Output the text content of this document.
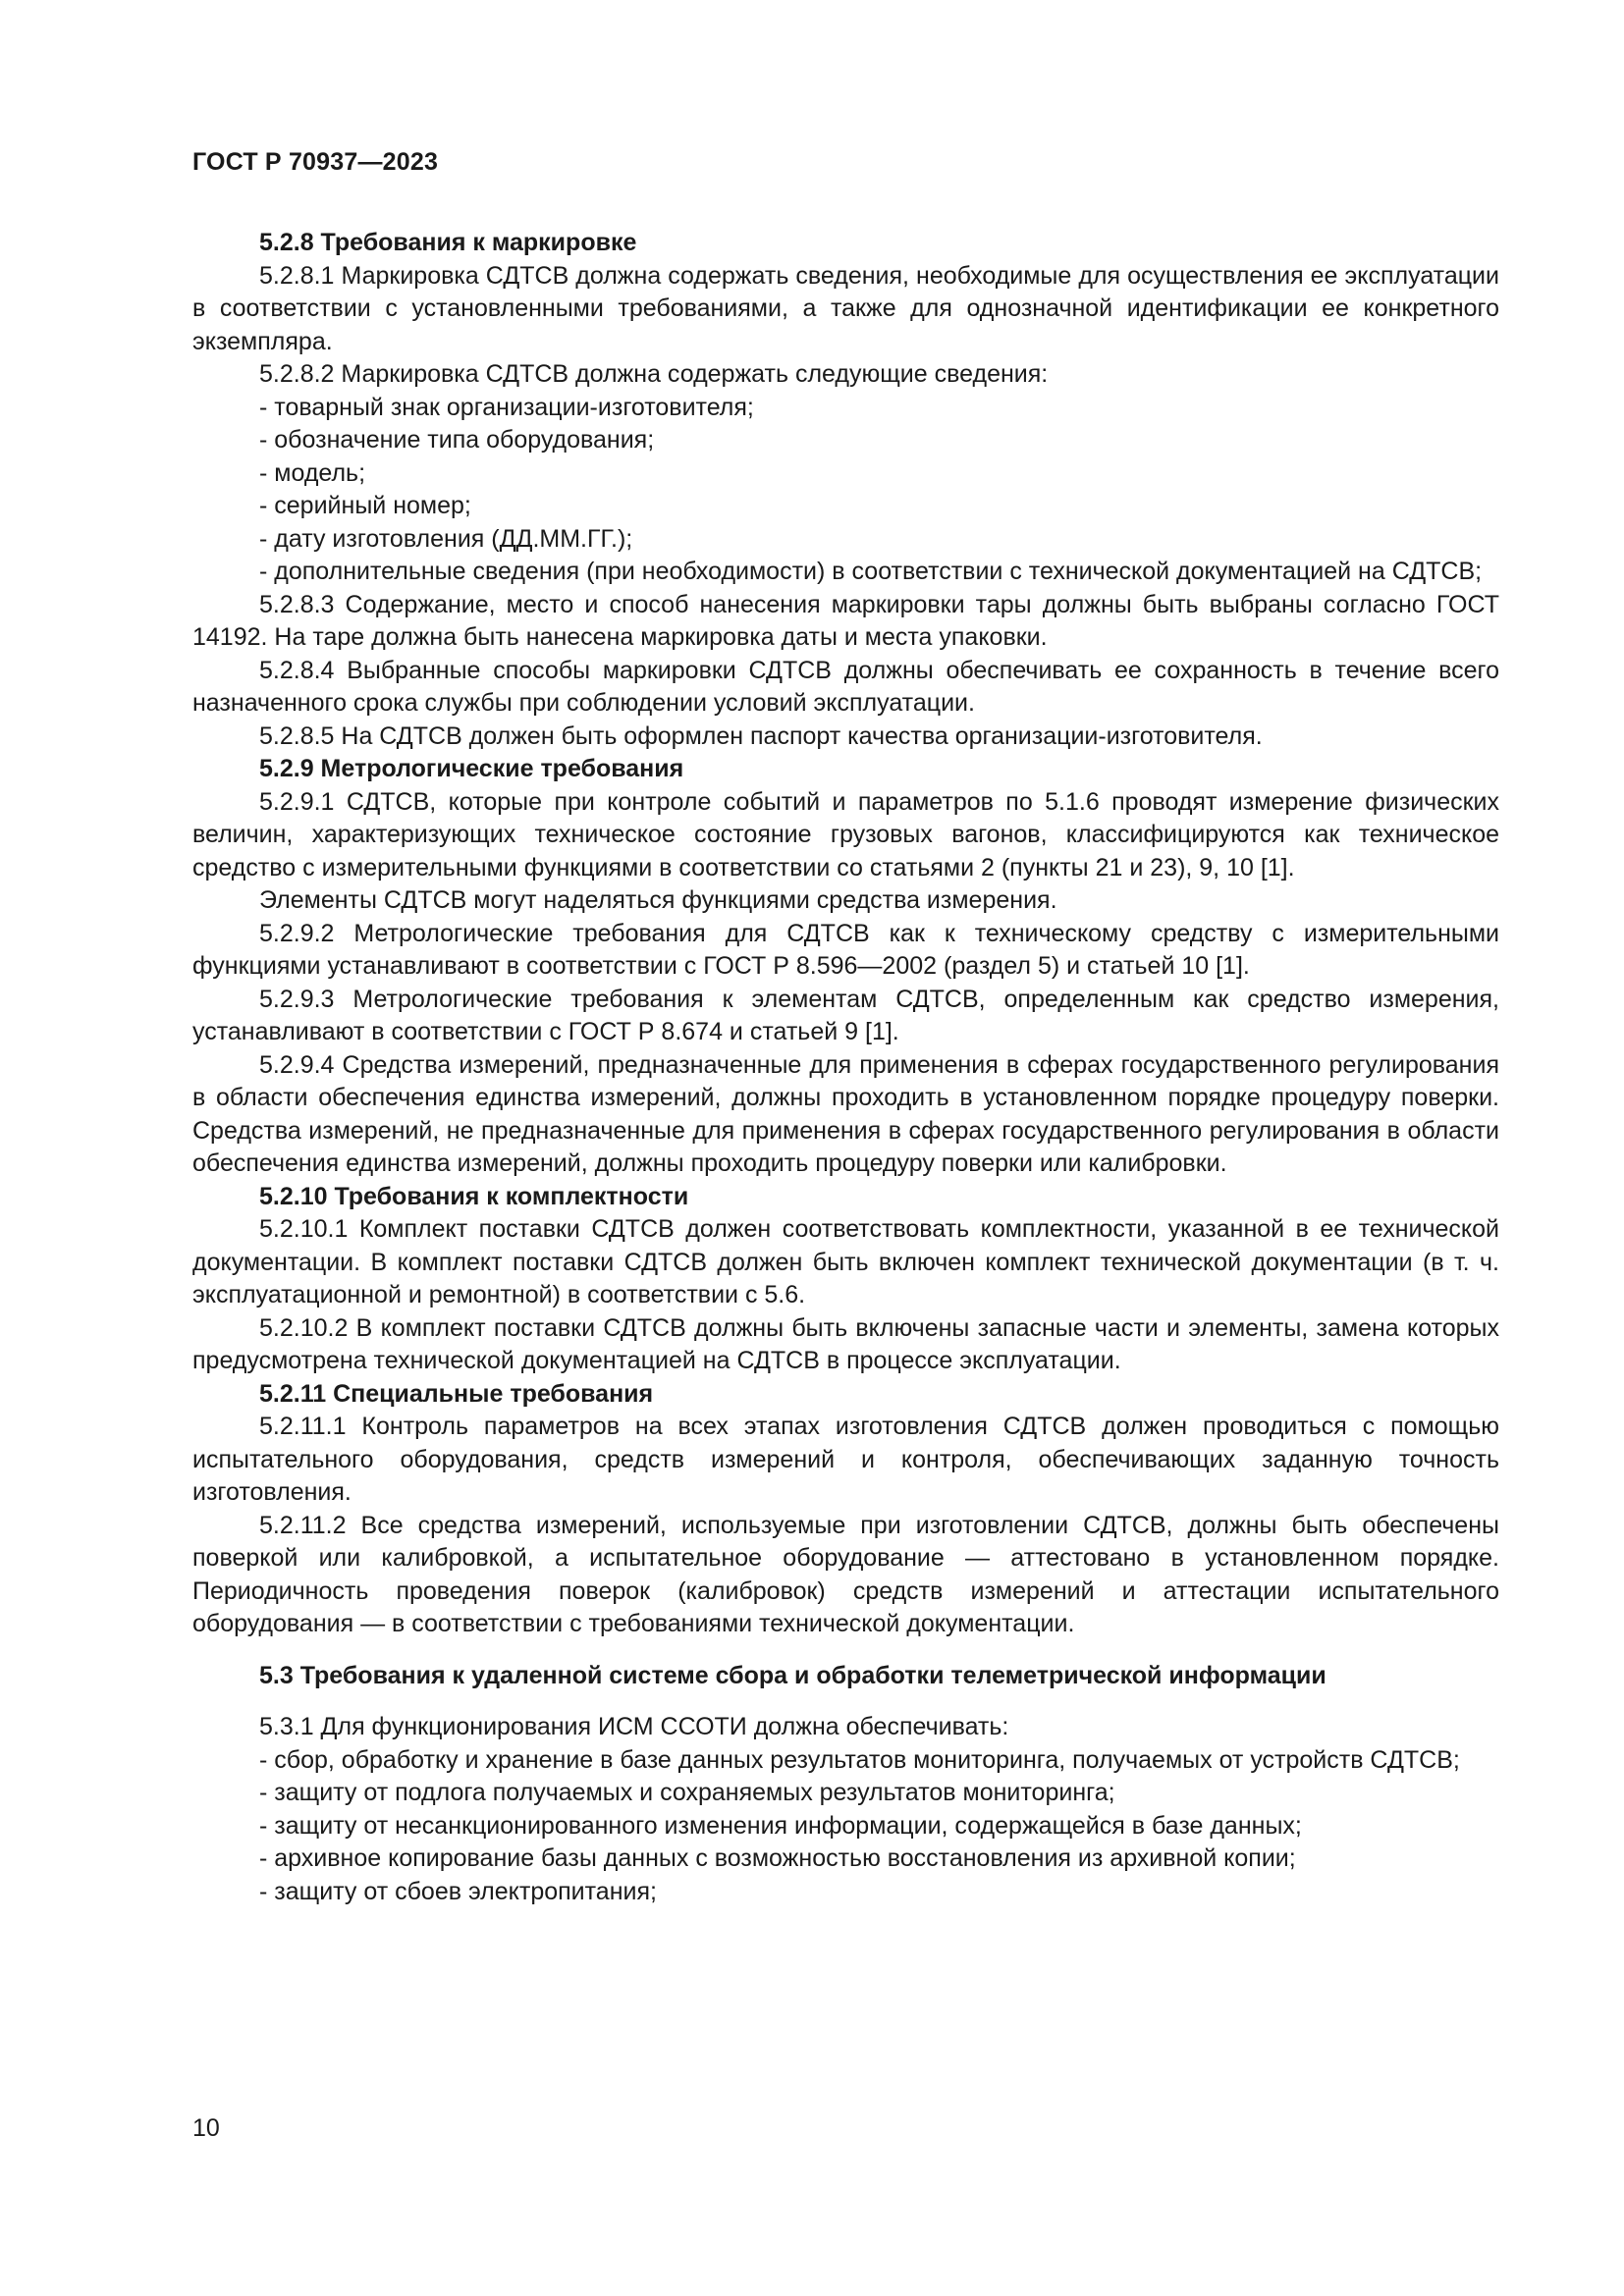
ГОСТ Р 70937—2023

5.2.8 Требования к маркировке

5.2.8.1 Маркировка СДТСВ должна содержать сведения, необходимые для осуществления ее эксплуатации в соответствии с установленными требованиями, а также для однозначной идентификации ее конкретного экземпляра.

5.2.8.2 Маркировка СДТСВ должна содержать следующие сведения:

- товарный знак организации-изготовителя;

- обозначение типа оборудования;

- модель;

- серийный номер;

- дату изготовления (ДД.ММ.ГГ.);

- дополнительные сведения (при необходимости) в соответствии с технической документацией на СДТСВ;

5.2.8.3 Содержание, место и способ нанесения маркировки тары должны быть выбраны согласно ГОСТ 14192. На таре должна быть нанесена маркировка даты и места упаковки.

5.2.8.4 Выбранные способы маркировки СДТСВ должны обеспечивать ее сохранность в течение всего назначенного срока службы при соблюдении условий эксплуатации.

5.2.8.5 На СДТСВ должен быть оформлен паспорт качества организации-изготовителя.

5.2.9 Метрологические требования

5.2.9.1 СДТСВ, которые при контроле событий и параметров по 5.1.6 проводят измерение физических величин, характеризующих техническое состояние грузовых вагонов, классифицируются как техническое средство с измерительными функциями в соответствии со статьями 2 (пункты 21 и 23), 9, 10 [1].

Элементы СДТСВ могут наделяться функциями средства измерения.

5.2.9.2 Метрологические требования для СДТСВ как к техническому средству с измерительными функциями устанавливают в соответствии с ГОСТ Р 8.596—2002 (раздел 5) и статьей 10 [1].

5.2.9.3 Метрологические требования к элементам СДТСВ, определенным как средство измерения, устанавливают в соответствии с ГОСТ Р 8.674 и статьей 9 [1].

5.2.9.4 Средства измерений, предназначенные для применения в сферах государственного регулирования в области обеспечения единства измерений, должны проходить в установленном порядке процедуру поверки. Средства измерений, не предназначенные для применения в сферах государственного регулирования в области обеспечения единства измерений, должны проходить процедуру поверки или калибровки.

5.2.10 Требования к комплектности

5.2.10.1 Комплект поставки СДТСВ должен соответствовать комплектности, указанной в ее технической документации. В комплект поставки СДТСВ должен быть включен комплект технической документации (в т. ч. эксплуатационной и ремонтной) в соответствии с 5.6.

5.2.10.2 В комплект поставки СДТСВ должны быть включены запасные части и элементы, замена которых предусмотрена технической документацией на СДТСВ в процессе эксплуатации.

5.2.11 Специальные требования

5.2.11.1 Контроль параметров на всех этапах изготовления СДТСВ должен проводиться с помощью испытательного оборудования, средств измерений и контроля, обеспечивающих заданную точность изготовления.

5.2.11.2 Все средства измерений, используемые при изготовлении СДТСВ, должны быть обеспечены поверкой или калибровкой, а испытательное оборудование — аттестовано в установленном порядке. Периодичность проведения поверок (калибровок) средств измерений и аттестации испытательного оборудования — в соответствии с требованиями технической документации.

5.3 Требования к удаленной системе сбора и обработки телеметрической информации

5.3.1 Для функционирования ИСМ ССОТИ должна обеспечивать:

- сбор, обработку и хранение в базе данных результатов мониторинга, получаемых от устройств СДТСВ;

- защиту от подлога получаемых и сохраняемых результатов мониторинга;

- защиту от несанкционированного изменения информации, содержащейся в базе данных;

- архивное копирование базы данных с возможностью восстановления из архивной копии;

- защиту от сбоев электропитания;

10
